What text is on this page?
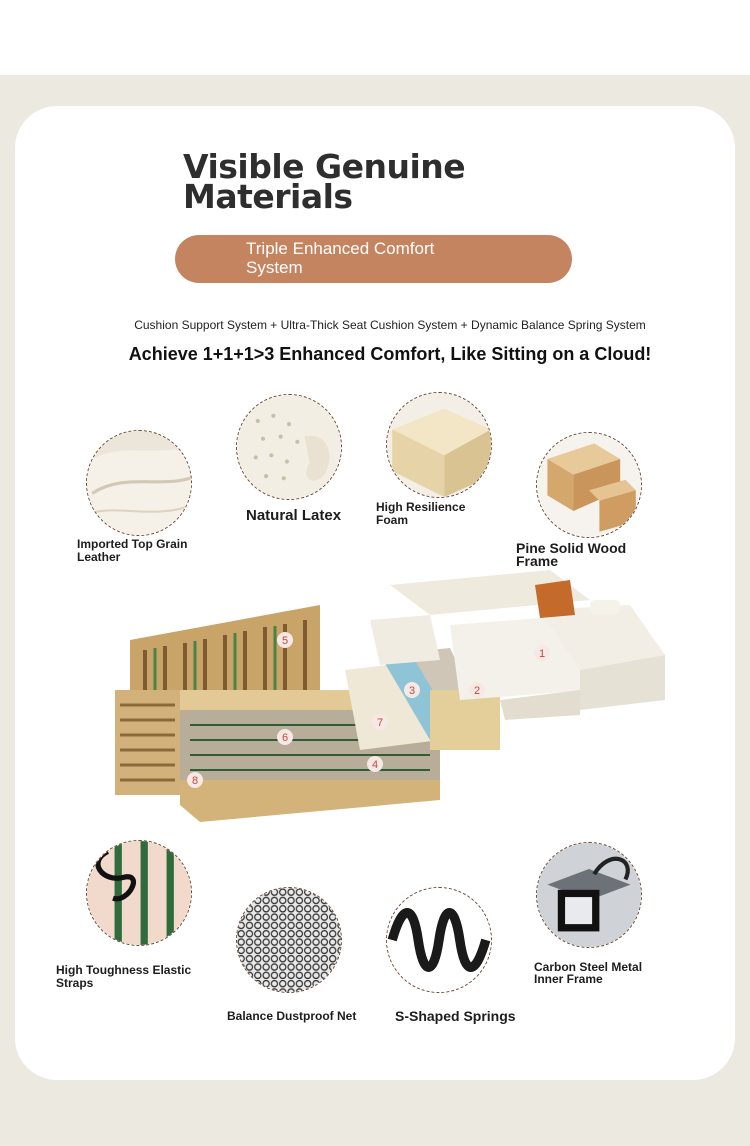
Visible Genuine
Materials
Triple Enhanced Comfort
System
Cushion Support System + Ultra-Thick Seat Cushion System + Dynamic Balance Spring System
Achieve 1+1+1>3 Enhanced Comfort, Like Sitting on a Cloud!
Imported Top Grain
Leather
Natural Latex	High Resilience
Foam
Pine Solid Wood
Frame
1
2
3
4
5
6
7
8
High Toughness Elastic
Straps
Balance Dustproof Net	S-Shaped Springs
Carbon Steel Metal
Inner Frame
